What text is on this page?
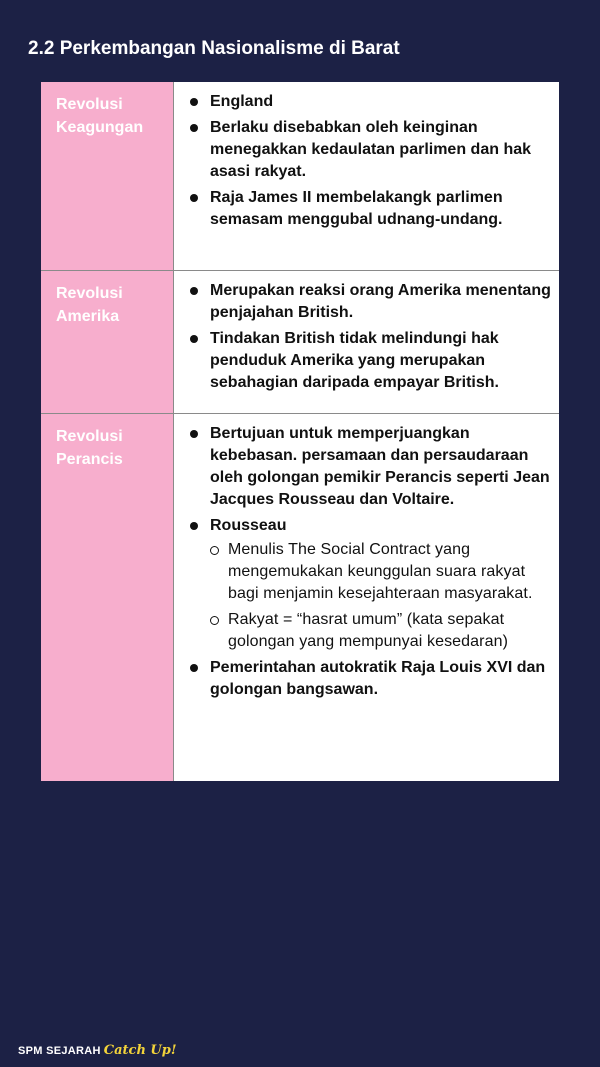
2.2 Perkembangan Nasionalisme di Barat
Revolusi Keagungan
England
Berlaku disebabkan oleh keinginan menegakkan kedaulatan parlimen dan hak asasi rakyat.
Raja James II membelakangk parlimen semasam menggubal udnang-undang.
Revolusi Amerika
Merupakan reaksi orang Amerika menentang penjajahan British.
Tindakan British tidak melindungi hak penduduk Amerika yang merupakan sebahagian daripada empayar British.
Revolusi Perancis
Bertujuan untuk memperjuangkan kebebasan. persamaan dan persaudaraan oleh golongan pemikir Perancis seperti Jean Jacques Rousseau dan Voltaire.
Rousseau
Menulis The Social Contract yang mengemukakan keunggulan suara rakyat bagi menjamin kesejahteraan masyarakat.
Rakyat = “hasrat umum” (kata sepakat golongan yang mempunyai kesedaran)
Pemerintahan autokratik Raja Louis XVI dan golongan bangsawan.
SPM SEJARAH Catch Up!
